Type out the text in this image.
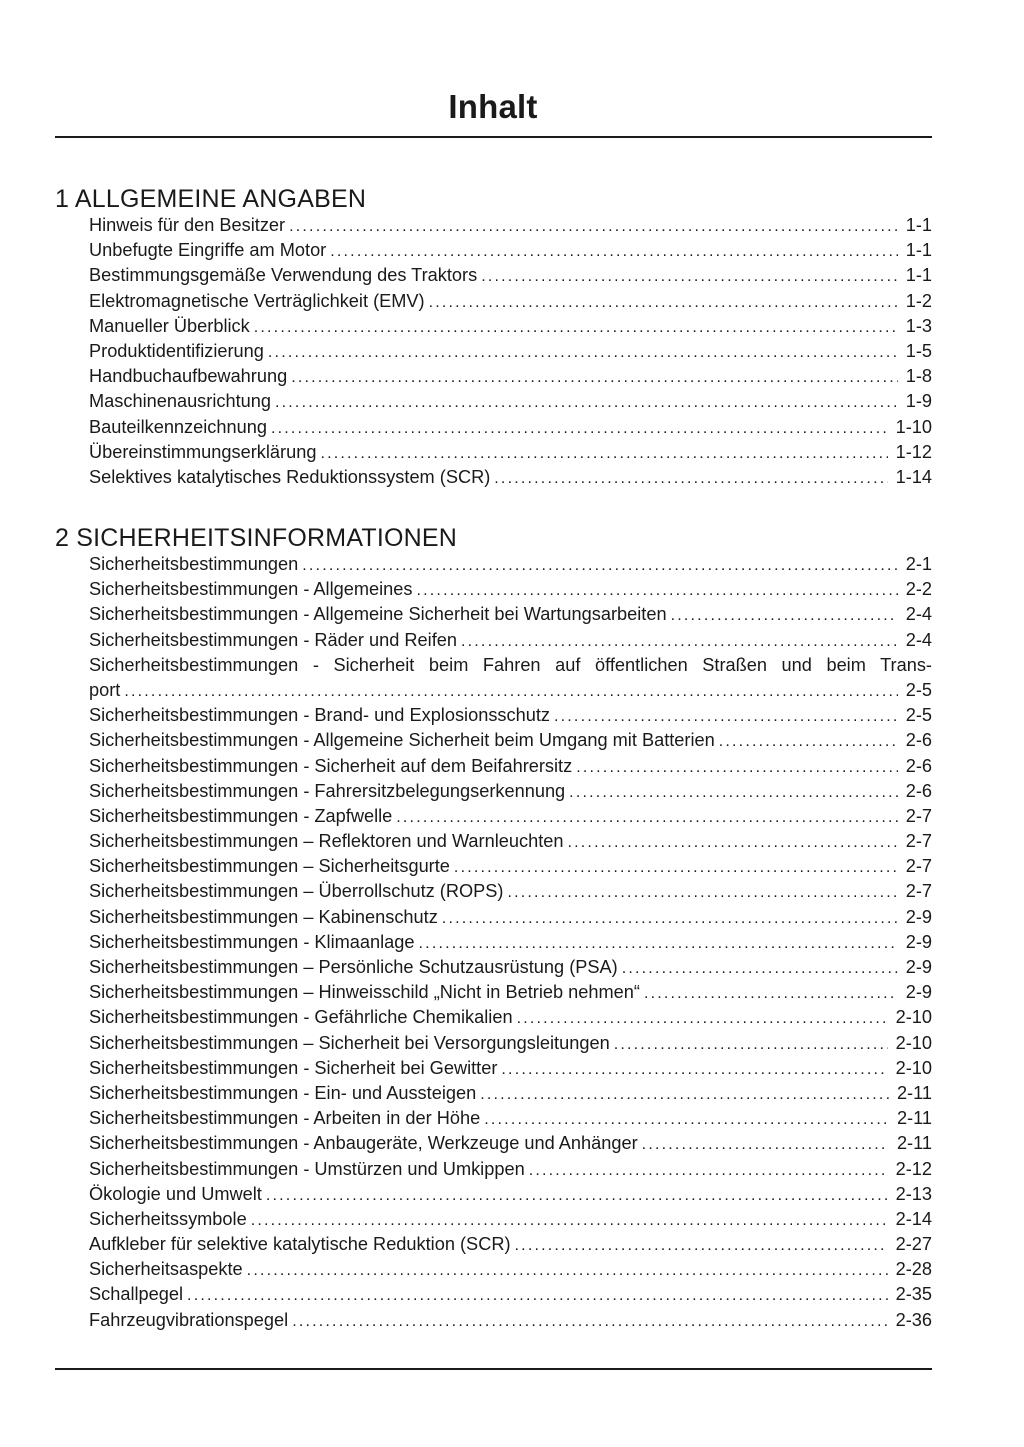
Inhalt
1 ALLGEMEINE ANGABEN
Hinweis für den Besitzer .....	1-1
Unbefugte Eingriffe am Motor .....	1-1
Bestimmungsgemäße Verwendung des Traktors .....	1-1
Elektromagnetische Verträglichkeit (EMV) .....	1-2
Manueller Überblick .....	1-3
Produktidentifizierung .....	1-5
Handbuchaufbewahrung .....	1-8
Maschinenausrichtung .....	1-9
Bauteilkennzeichnung .....	1-10
Übereinstimmungserklärung .....	1-12
Selektives katalytisches Reduktionssystem (SCR) .....	1-14
2 SICHERHEITSINFORMATIONEN
Sicherheitsbestimmungen .....	2-1
Sicherheitsbestimmungen - Allgemeines .....	2-2
Sicherheitsbestimmungen - Allgemeine Sicherheit bei Wartungsarbeiten .....	2-4
Sicherheitsbestimmungen - Räder und Reifen .....	2-4
Sicherheitsbestimmungen - Sicherheit beim Fahren auf öffentlichen Straßen und beim Trans-
port .....	2-5
Sicherheitsbestimmungen - Brand- und Explosionsschutz .....	2-5
Sicherheitsbestimmungen - Allgemeine Sicherheit beim Umgang mit Batterien .....	2-6
Sicherheitsbestimmungen - Sicherheit auf dem Beifahrersitz .....	2-6
Sicherheitsbestimmungen - Fahrersitzbelegungserkennung .....	2-6
Sicherheitsbestimmungen - Zapfwelle .....	2-7
Sicherheitsbestimmungen – Reflektoren und Warnleuchten .....	2-7
Sicherheitsbestimmungen – Sicherheitsgurte .....	2-7
Sicherheitsbestimmungen – Überrollschutz (ROPS) .....	2-7
Sicherheitsbestimmungen – Kabinenschutz .....	2-9
Sicherheitsbestimmungen - Klimaanlage .....	2-9
Sicherheitsbestimmungen – Persönliche Schutzausrüstung (PSA) .....	2-9
Sicherheitsbestimmungen – Hinweisschild „Nicht in Betrieb nehmen“ .....	2-9
Sicherheitsbestimmungen - Gefährliche Chemikalien .....	2-10
Sicherheitsbestimmungen – Sicherheit bei Versorgungsleitungen .....	2-10
Sicherheitsbestimmungen - Sicherheit bei Gewitter .....	2-10
Sicherheitsbestimmungen - Ein- und Aussteigen .....	2-11
Sicherheitsbestimmungen - Arbeiten in der Höhe .....	2-11
Sicherheitsbestimmungen - Anbaugeräte, Werkzeuge und Anhänger .....	2-11
Sicherheitsbestimmungen - Umstürzen und Umkippen .....	2-12
Ökologie und Umwelt .....	2-13
Sicherheitssymbole .....	2-14
Aufkleber für selektive katalytische Reduktion (SCR) .....	2-27
Sicherheitsaspekte .....	2-28
Schallpegel .....	2-35
Fahrzeugvibrationspegel .....	2-36
